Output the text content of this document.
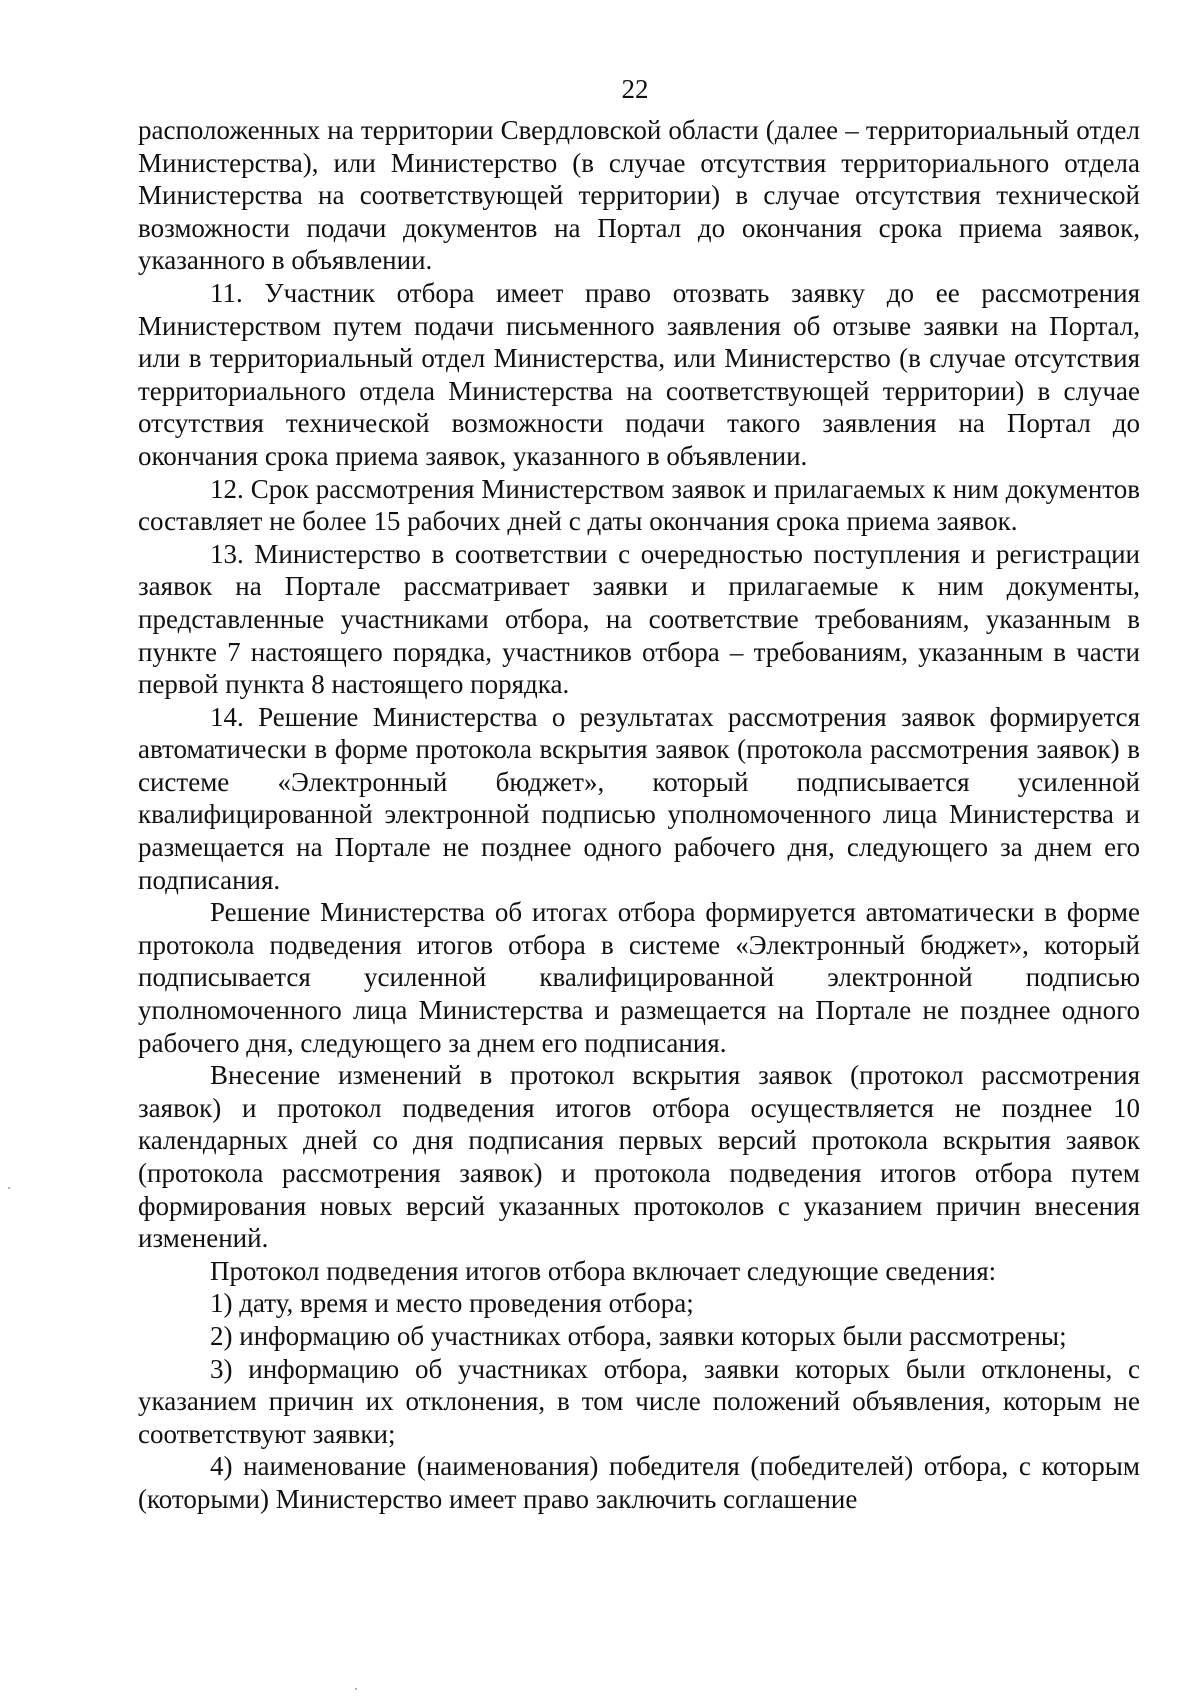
22

расположенных на территории Свердловской области (далее – территориальный отдел Министерства), или Министерство (в случае отсутствия территориального отдела Министерства на соответствующей территории) в случае отсутствия технической возможности подачи документов на Портал до окончания срока приема заявок, указанного в объявлении.

11. Участник отбора имеет право отозвать заявку до ее рассмотрения Министерством путем подачи письменного заявления об отзыве заявки на Портал, или в территориальный отдел Министерства, или Министерство (в случае отсутствия территориального отдела Министерства на соответствующей территории) в случае отсутствия технической возможности подачи такого заявления на Портал до окончания срока приема заявок, указанного в объявлении.

12. Срок рассмотрения Министерством заявок и прилагаемых к ним документов составляет не более 15 рабочих дней с даты окончания срока приема заявок.

13. Министерство в соответствии с очередностью поступления и регистрации заявок на Портале рассматривает заявки и прилагаемые к ним документы, представленные участниками отбора, на соответствие требованиям, указанным в пункте 7 настоящего порядка, участников отбора – требованиям, указанным в части первой пункта 8 настоящего порядка.

14. Решение Министерства о результатах рассмотрения заявок формируется автоматически в форме протокола вскрытия заявок (протокола рассмотрения заявок) в системе «Электронный бюджет», который подписывается усиленной квалифицированной электронной подписью уполномоченного лица Министерства и размещается на Портале не позднее одного рабочего дня, следующего за днем его подписания.

Решение Министерства об итогах отбора формируется автоматически в форме протокола подведения итогов отбора в системе «Электронный бюджет», который подписывается усиленной квалифицированной электронной подписью уполномоченного лица Министерства и размещается на Портале не позднее одного рабочего дня, следующего за днем его подписания.

Внесение изменений в протокол вскрытия заявок (протокол рассмотрения заявок) и протокол подведения итогов отбора осуществляется не позднее 10 календарных дней со дня подписания первых версий протокола вскрытия заявок (протокола рассмотрения заявок) и протокола подведения итогов отбора путем формирования новых версий указанных протоколов с указанием причин внесения изменений.

Протокол подведения итогов отбора включает следующие сведения:

1) дату, время и место проведения отбора;

2) информацию об участниках отбора, заявки которых были рассмотрены;

3) информацию об участниках отбора, заявки которых были отклонены, с указанием причин их отклонения, в том числе положений объявления, которым не соответствуют заявки;

4) наименование (наименования) победителя (победителей) отбора, с которым (которыми) Министерство имеет право заключить соглашение
